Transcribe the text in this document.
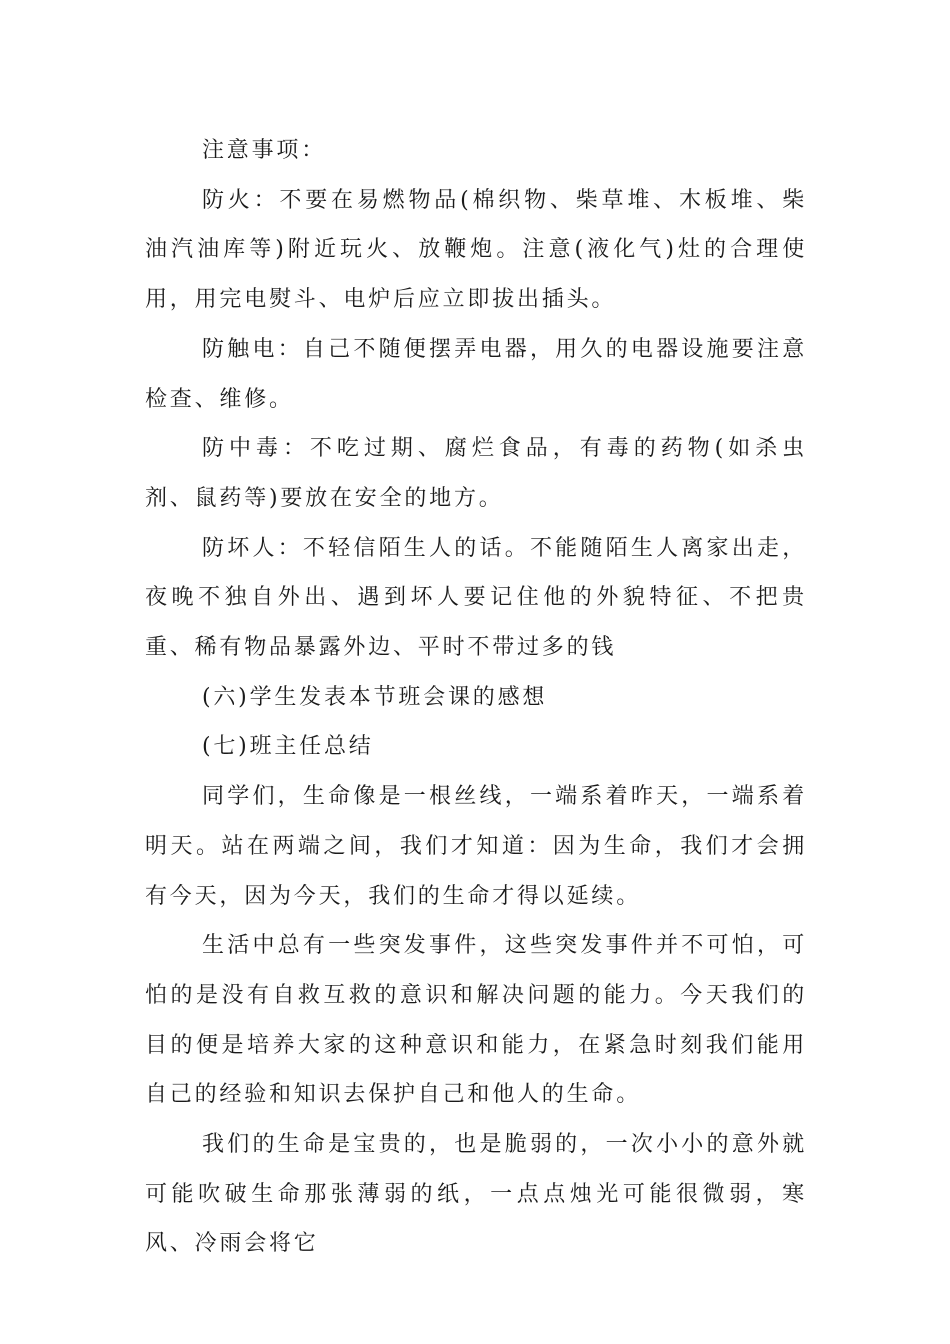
注意事项：

防火：不要在易燃物品(棉织物、柴草堆、木板堆、柴油汽油库等)附近玩火、放鞭炮。注意(液化气)灶的合理使用，用完电熨斗、电炉后应立即拔出插头。

防触电：自己不随便摆弄电器，用久的电器设施要注意检查、维修。

防中毒：不吃过期、腐烂食品，有毒的药物(如杀虫剂、鼠药等)要放在安全的地方。

防坏人：不轻信陌生人的话。不能随陌生人离家出走，夜晚不独自外出、遇到坏人要记住他的外貌特征、不把贵重、稀有物品暴露外边、平时不带过多的钱

(六)学生发表本节班会课的感想

(七)班主任总结

同学们，生命像是一根丝线，一端系着昨天，一端系着明天。站在两端之间，我们才知道：因为生命，我们才会拥有今天，因为今天，我们的生命才得以延续。

生活中总有一些突发事件，这些突发事件并不可怕，可怕的是没有自救互救的意识和解决问题的能力。今天我们的目的便是培养大家的这种意识和能力，在紧急时刻我们能用自己的经验和知识去保护自己和他人的生命。

我们的生命是宝贵的，也是脆弱的，一次小小的意外就可能吹破生命那张薄弱的纸，一点点烛光可能很微弱，寒风、冷雨会将它
